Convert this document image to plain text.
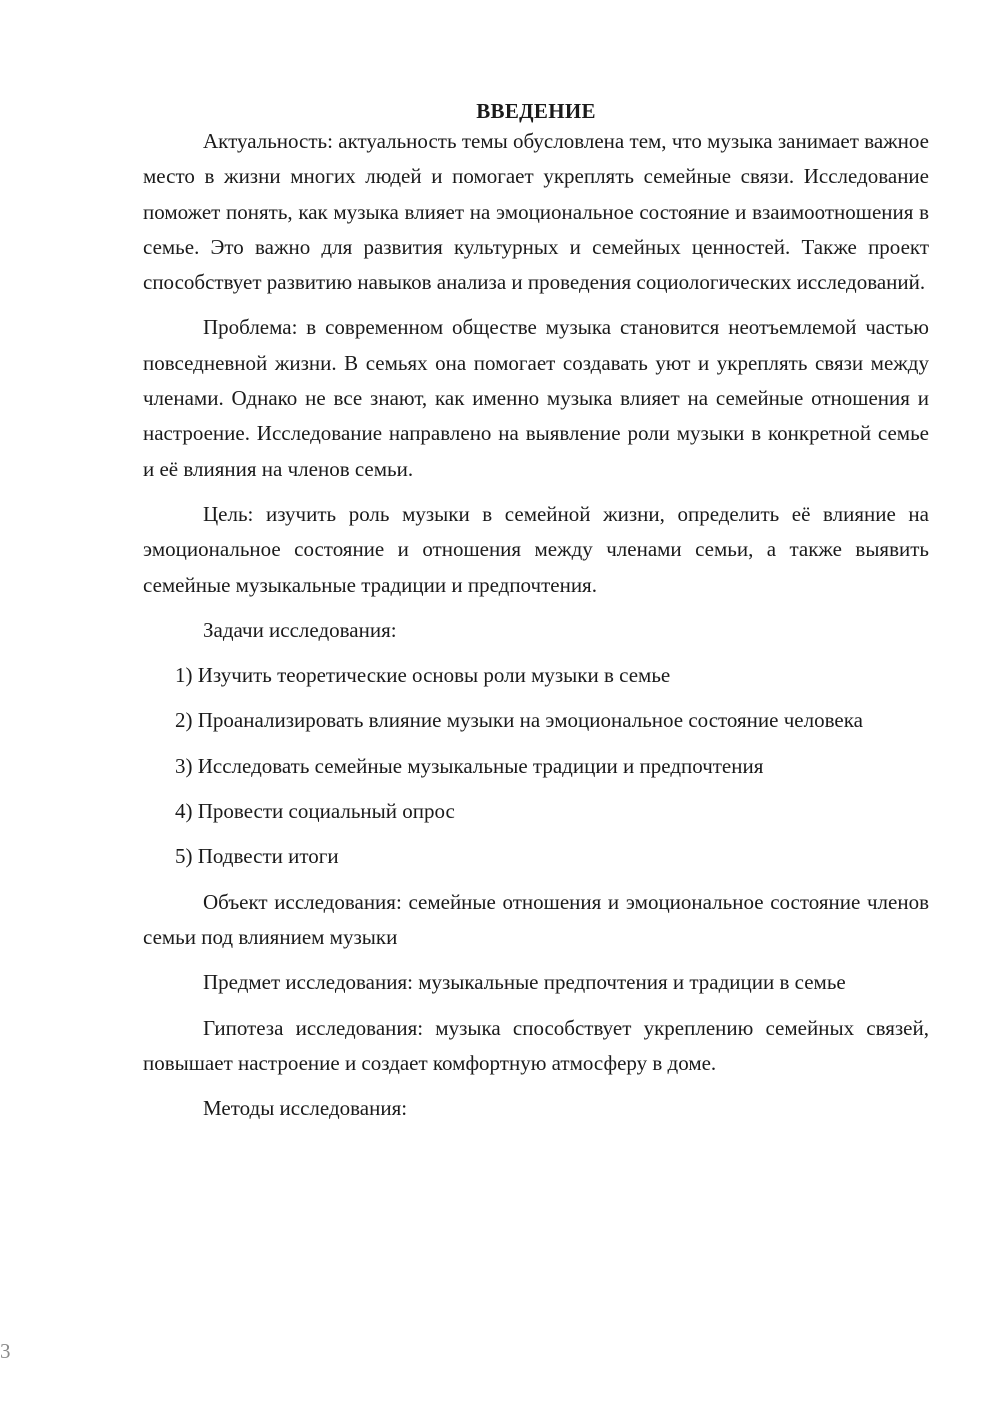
ВВЕДЕНИЕ

Актуальность: актуальность темы обусловлена тем, что музыка занимает важное место в жизни многих людей и помогает укреплять семейные связи. Исследование поможет понять, как музыка влияет на эмоциональное состояние и взаимоотношения в семье. Это важно для развития культурных и семейных ценностей. Также проект способствует развитию навыков анализа и проведения социологических исследований.

Проблема: в современном обществе музыка становится неотъемлемой частью повседневной жизни. В семьях она помогает создавать уют и укреплять связи между членами. Однако не все знают, как именно музыка влияет на семейные отношения и настроение. Исследование направлено на выявление роли музыки в конкретной семье и её влияния на членов семьи.

Цель: изучить роль музыки в семейной жизни, определить её влияние на эмоциональное состояние и отношения между членами семьи, а также выявить семейные музыкальные традиции и предпочтения.

Задачи исследования:

1) Изучить теоретические основы роли музыки в семье

2) Проанализировать влияние музыки на эмоциональное состояние человека

3) Исследовать семейные музыкальные традиции и предпочтения

4) Провести социальный опрос

5) Подвести итоги

Объект исследования: семейные отношения и эмоциональное состояние членов семьи под влиянием музыки

Предмет исследования: музыкальные предпочтения и традиции в семье

Гипотеза исследования: музыка способствует укреплению семейных связей, повышает настроение и создает комфортную атмосферу в доме.

Методы исследования:

3
